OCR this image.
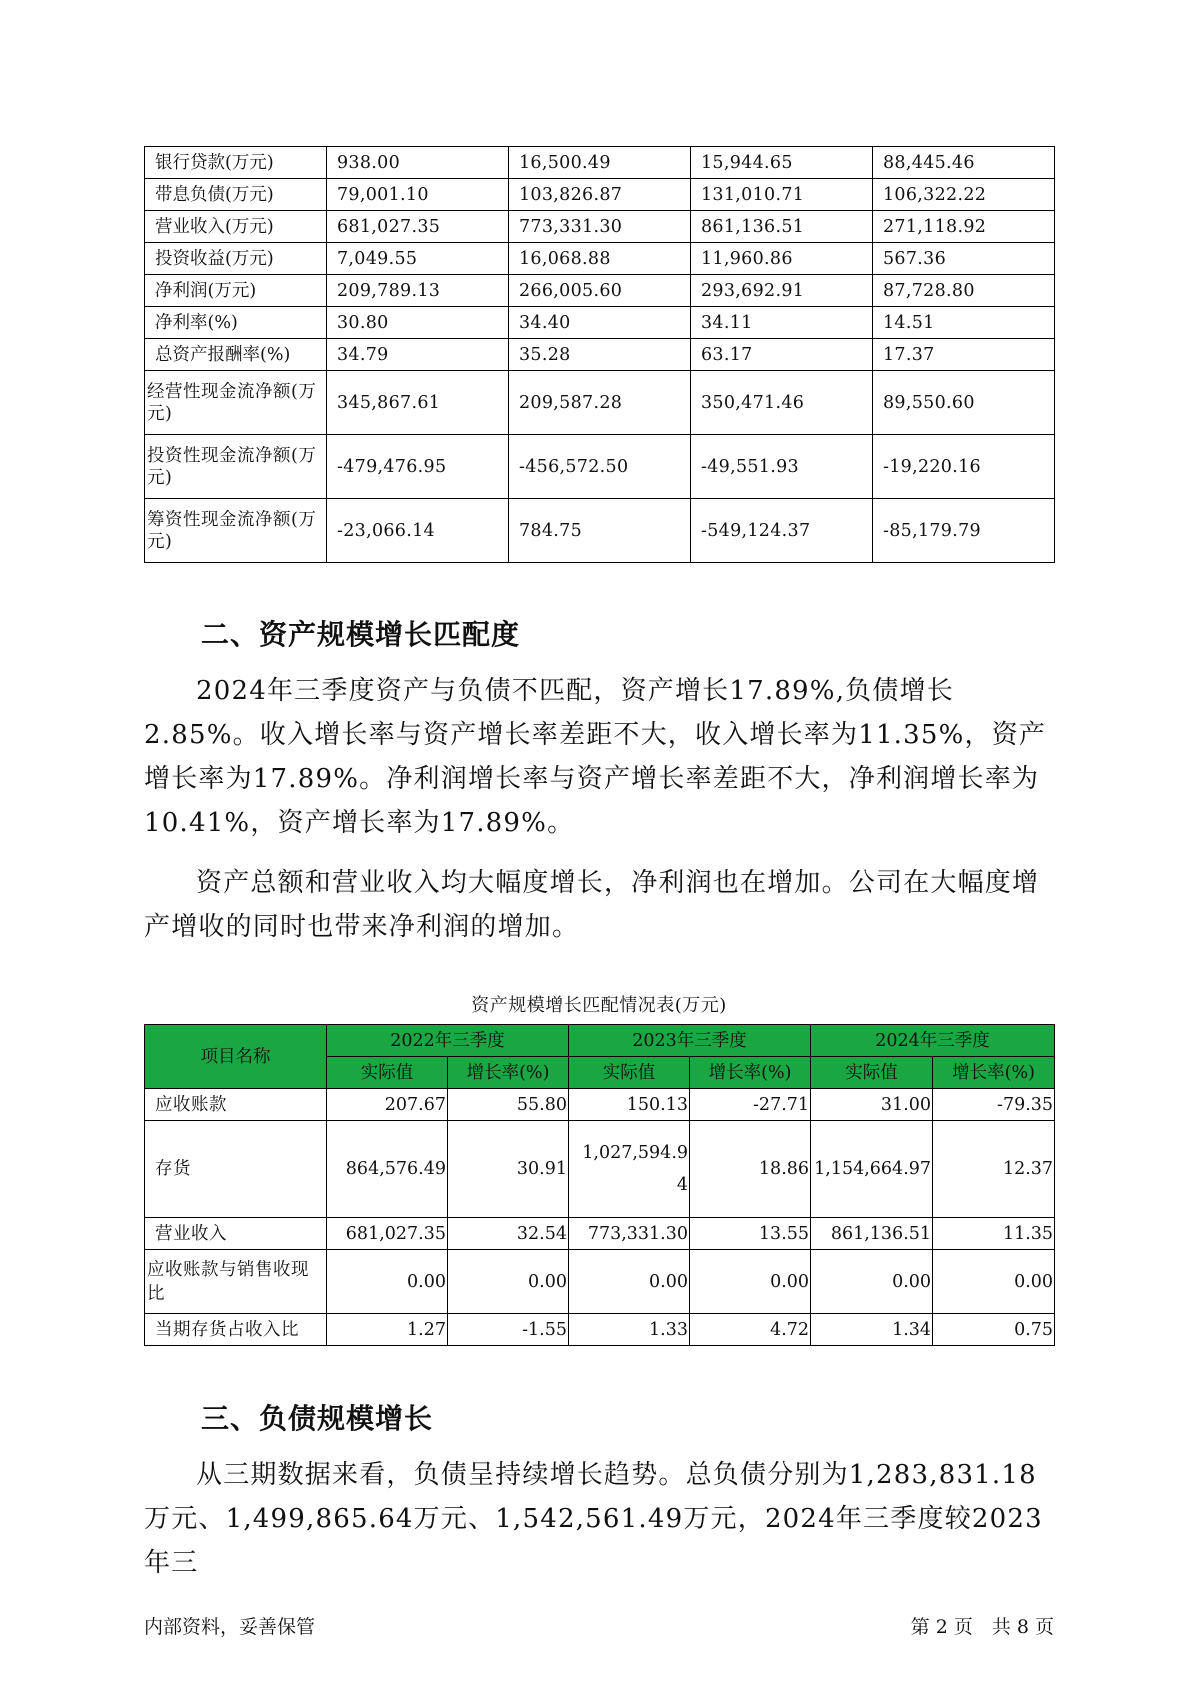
银行贷款(万元)	938.00	16,500.49	15,944.65	88,445.46
带息负债(万元)	79,001.10	103,826.87	131,010.71	106,322.22
营业收入(万元)	681,027.35	773,331.30	861,136.51	271,118.92
投资收益(万元)	7,049.55	16,068.88	11,960.86	567.36
净利润(万元)	209,789.13	266,005.60	293,692.91	87,728.80
净利率(%)	30.80	34.40	34.11	14.51
总资产报酬率(%)	34.79	35.28	63.17	17.37
经营性现金流净额(万元)	345,867.61	209,587.28	350,471.46	89,550.60
投资性现金流净额(万元)	-479,476.95	-456,572.50	-49,551.93	-19,220.16
筹资性现金流净额(万元)	-23,066.14	784.75	-549,124.37	-85,179.79
二、资产规模增长匹配度

2024年三季度资产与负债不匹配，资产增长17.89%,负债增长2.85%。收入增长率与资产增长率差距不大，收入增长率为11.35%，资产增长率为17.89%。净利润增长率与资产增长率差距不大，净利润增长率为10.41%，资产增长率为17.89%。

资产总额和营业收入均大幅度增长，净利润也在增加。公司在大幅度增产增收的同时也带来净利润的增加。

资产规模增长匹配情况表(万元)
项目名称	2022年三季度		2023年三季度		2024年三季度	
	实际值	增长率(%)	实际值	增长率(%)	实际值	增长率(%)
应收账款	207.67	55.80	150.13	-27.71	31.00	-79.35
存货	864,576.49	30.91	1,027,594.94	18.86	1,154,664.97	12.37
营业收入	681,027.35	32.54	773,331.30	13.55	861,136.51	11.35
应收账款与销售收现比	0.00	0.00	0.00	0.00	0.00	0.00
当期存货占收入比	1.27	-1.55	1.33	4.72	1.34	0.75
三、负债规模增长

从三期数据来看，负债呈持续增长趋势。总负债分别为1,283,831.18万元、1,499,865.64万元、1,542,561.49万元，2024年三季度较2023年三

内部资料，妥善保管	第 2 页　共 8 页
